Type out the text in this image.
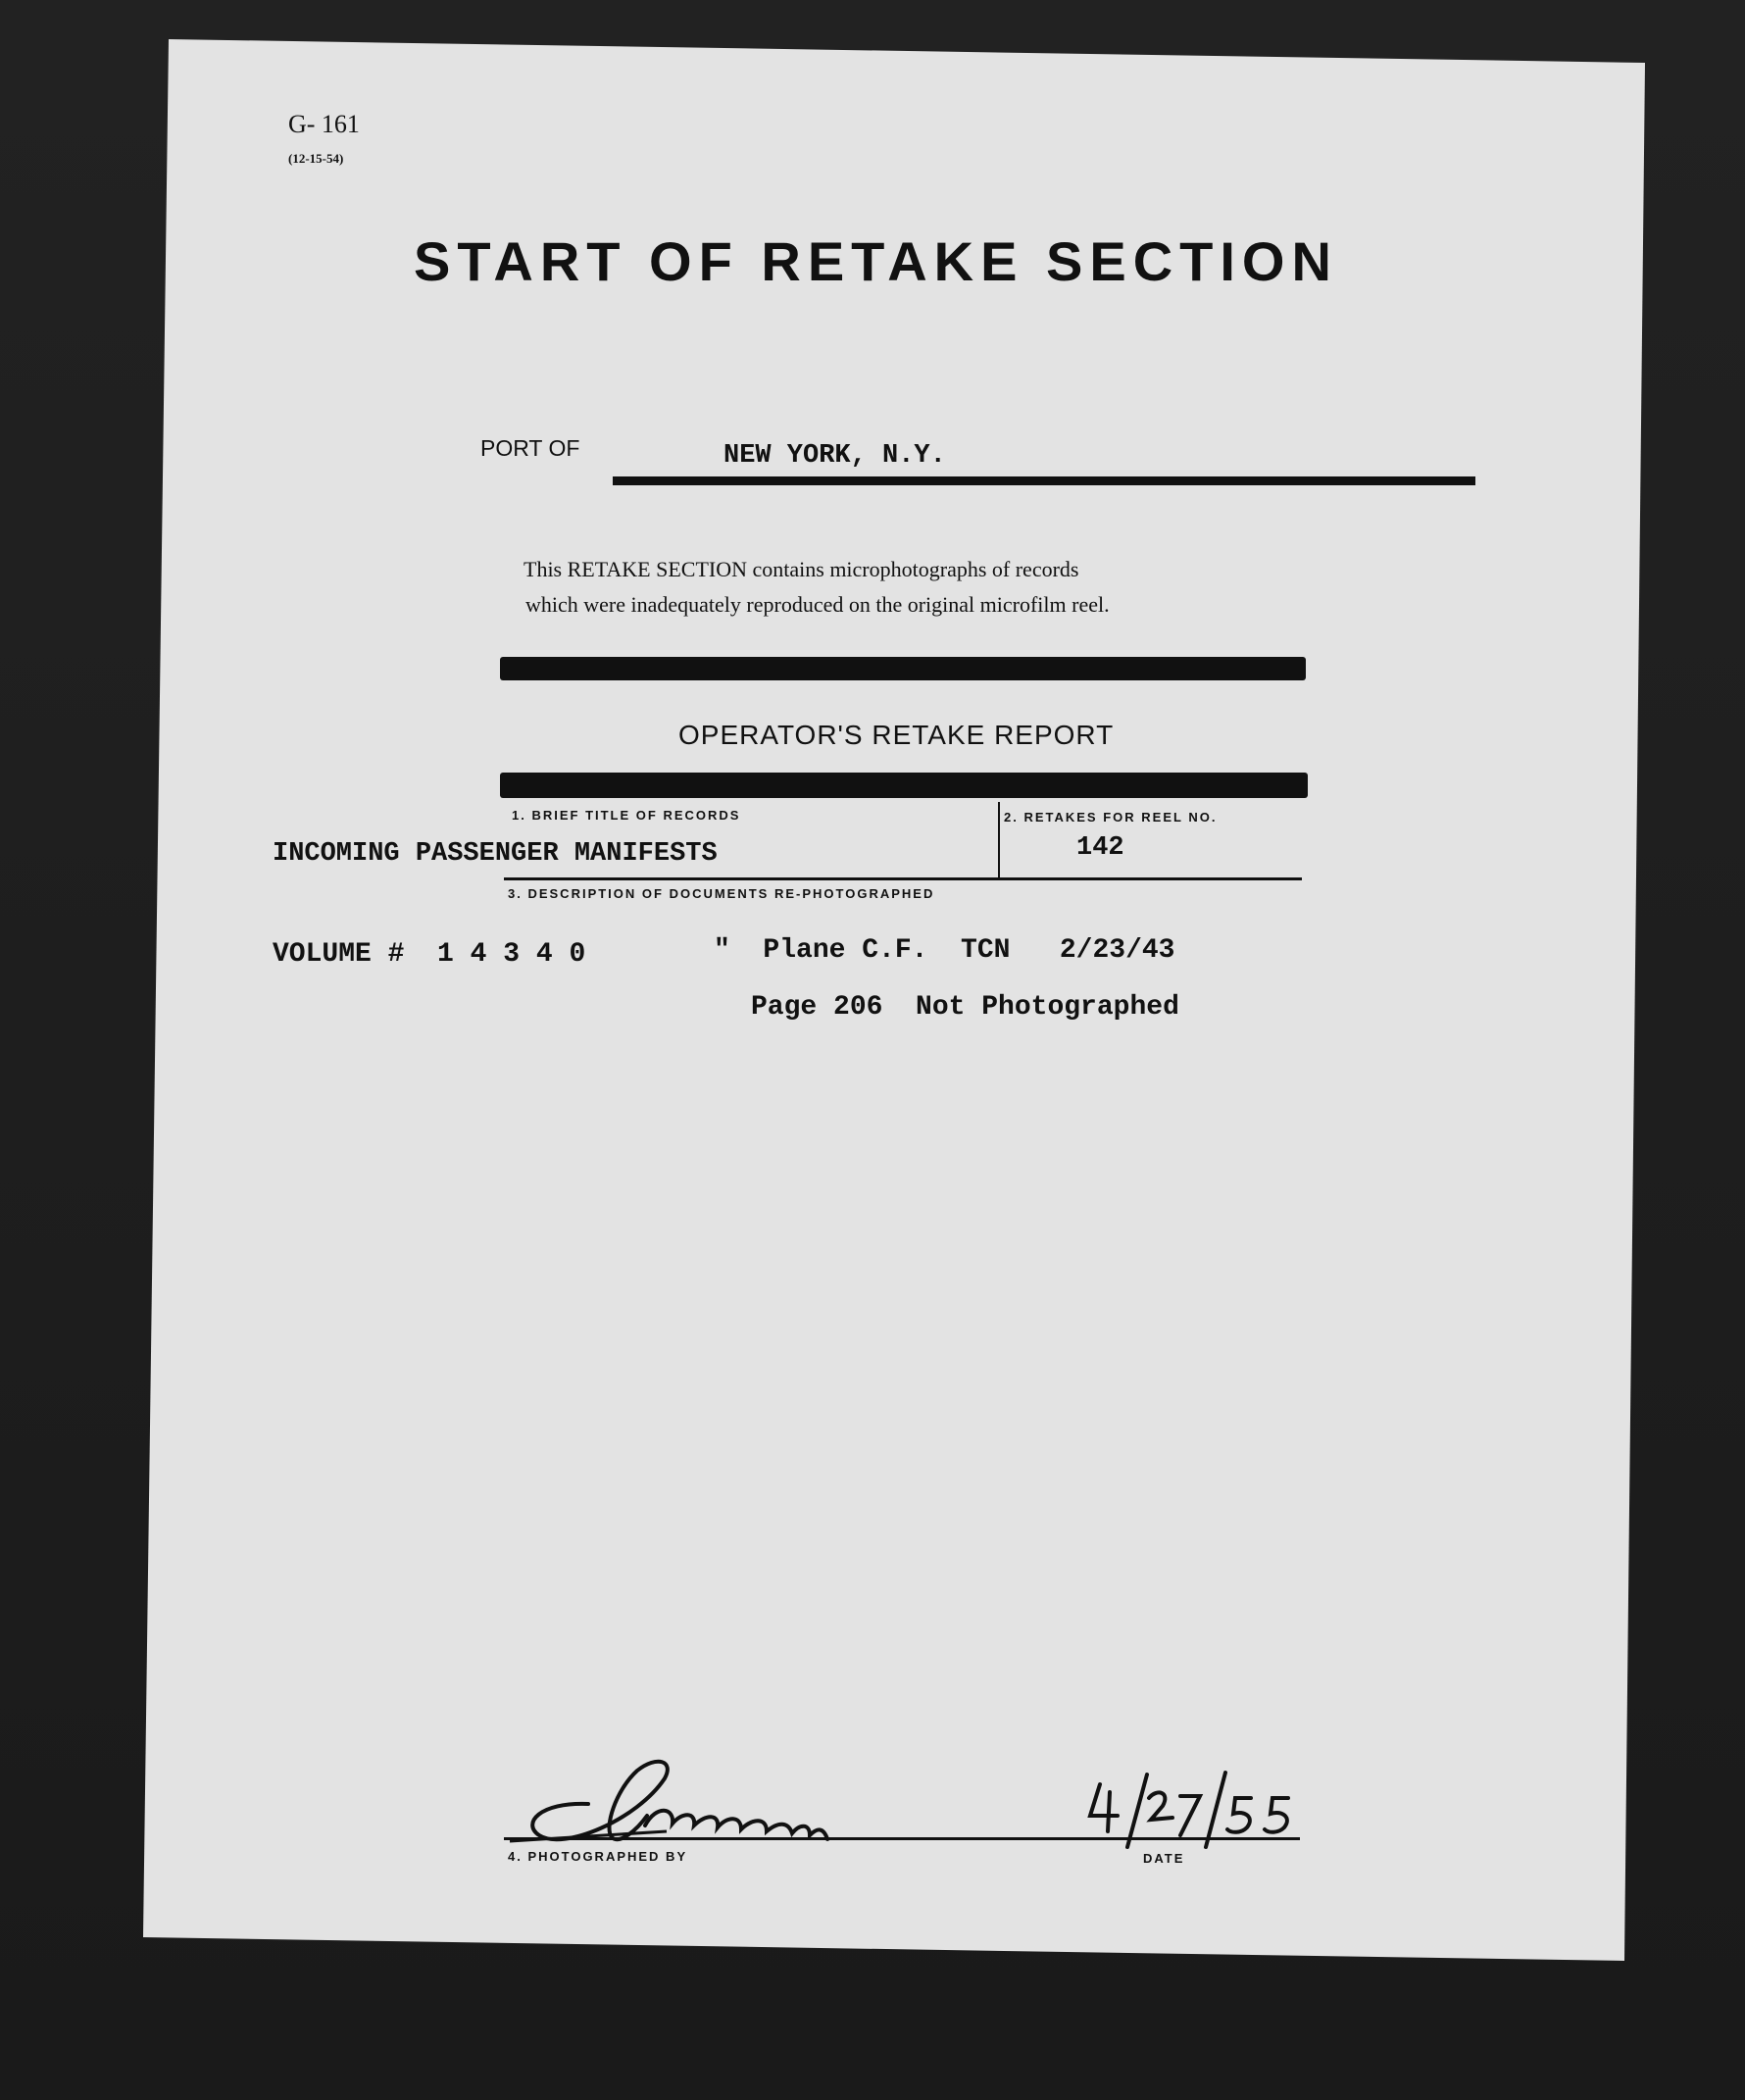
G- 161
(12-15-54)
START OF RETAKE SECTION
PORT OF	NEW YORK, N.Y.
This RETAKE SECTION contains microphotographs of records
which were inadequately reproduced on the original microfilm reel.
OPERATOR'S RETAKE REPORT
1. BRIEF TITLE OF RECORDS
INCOMING PASSENGER MANIFESTS
2. RETAKES FOR REEL NO.
142
3. DESCRIPTION OF DOCUMENTS RE-PHOTOGRAPHED
VOLUME #  1 4 3 4 0	"  Plane C.F.  TCN   2/23/43
Page 206  Not Photographed
4. PHOTOGRAPHED BY	DATE
